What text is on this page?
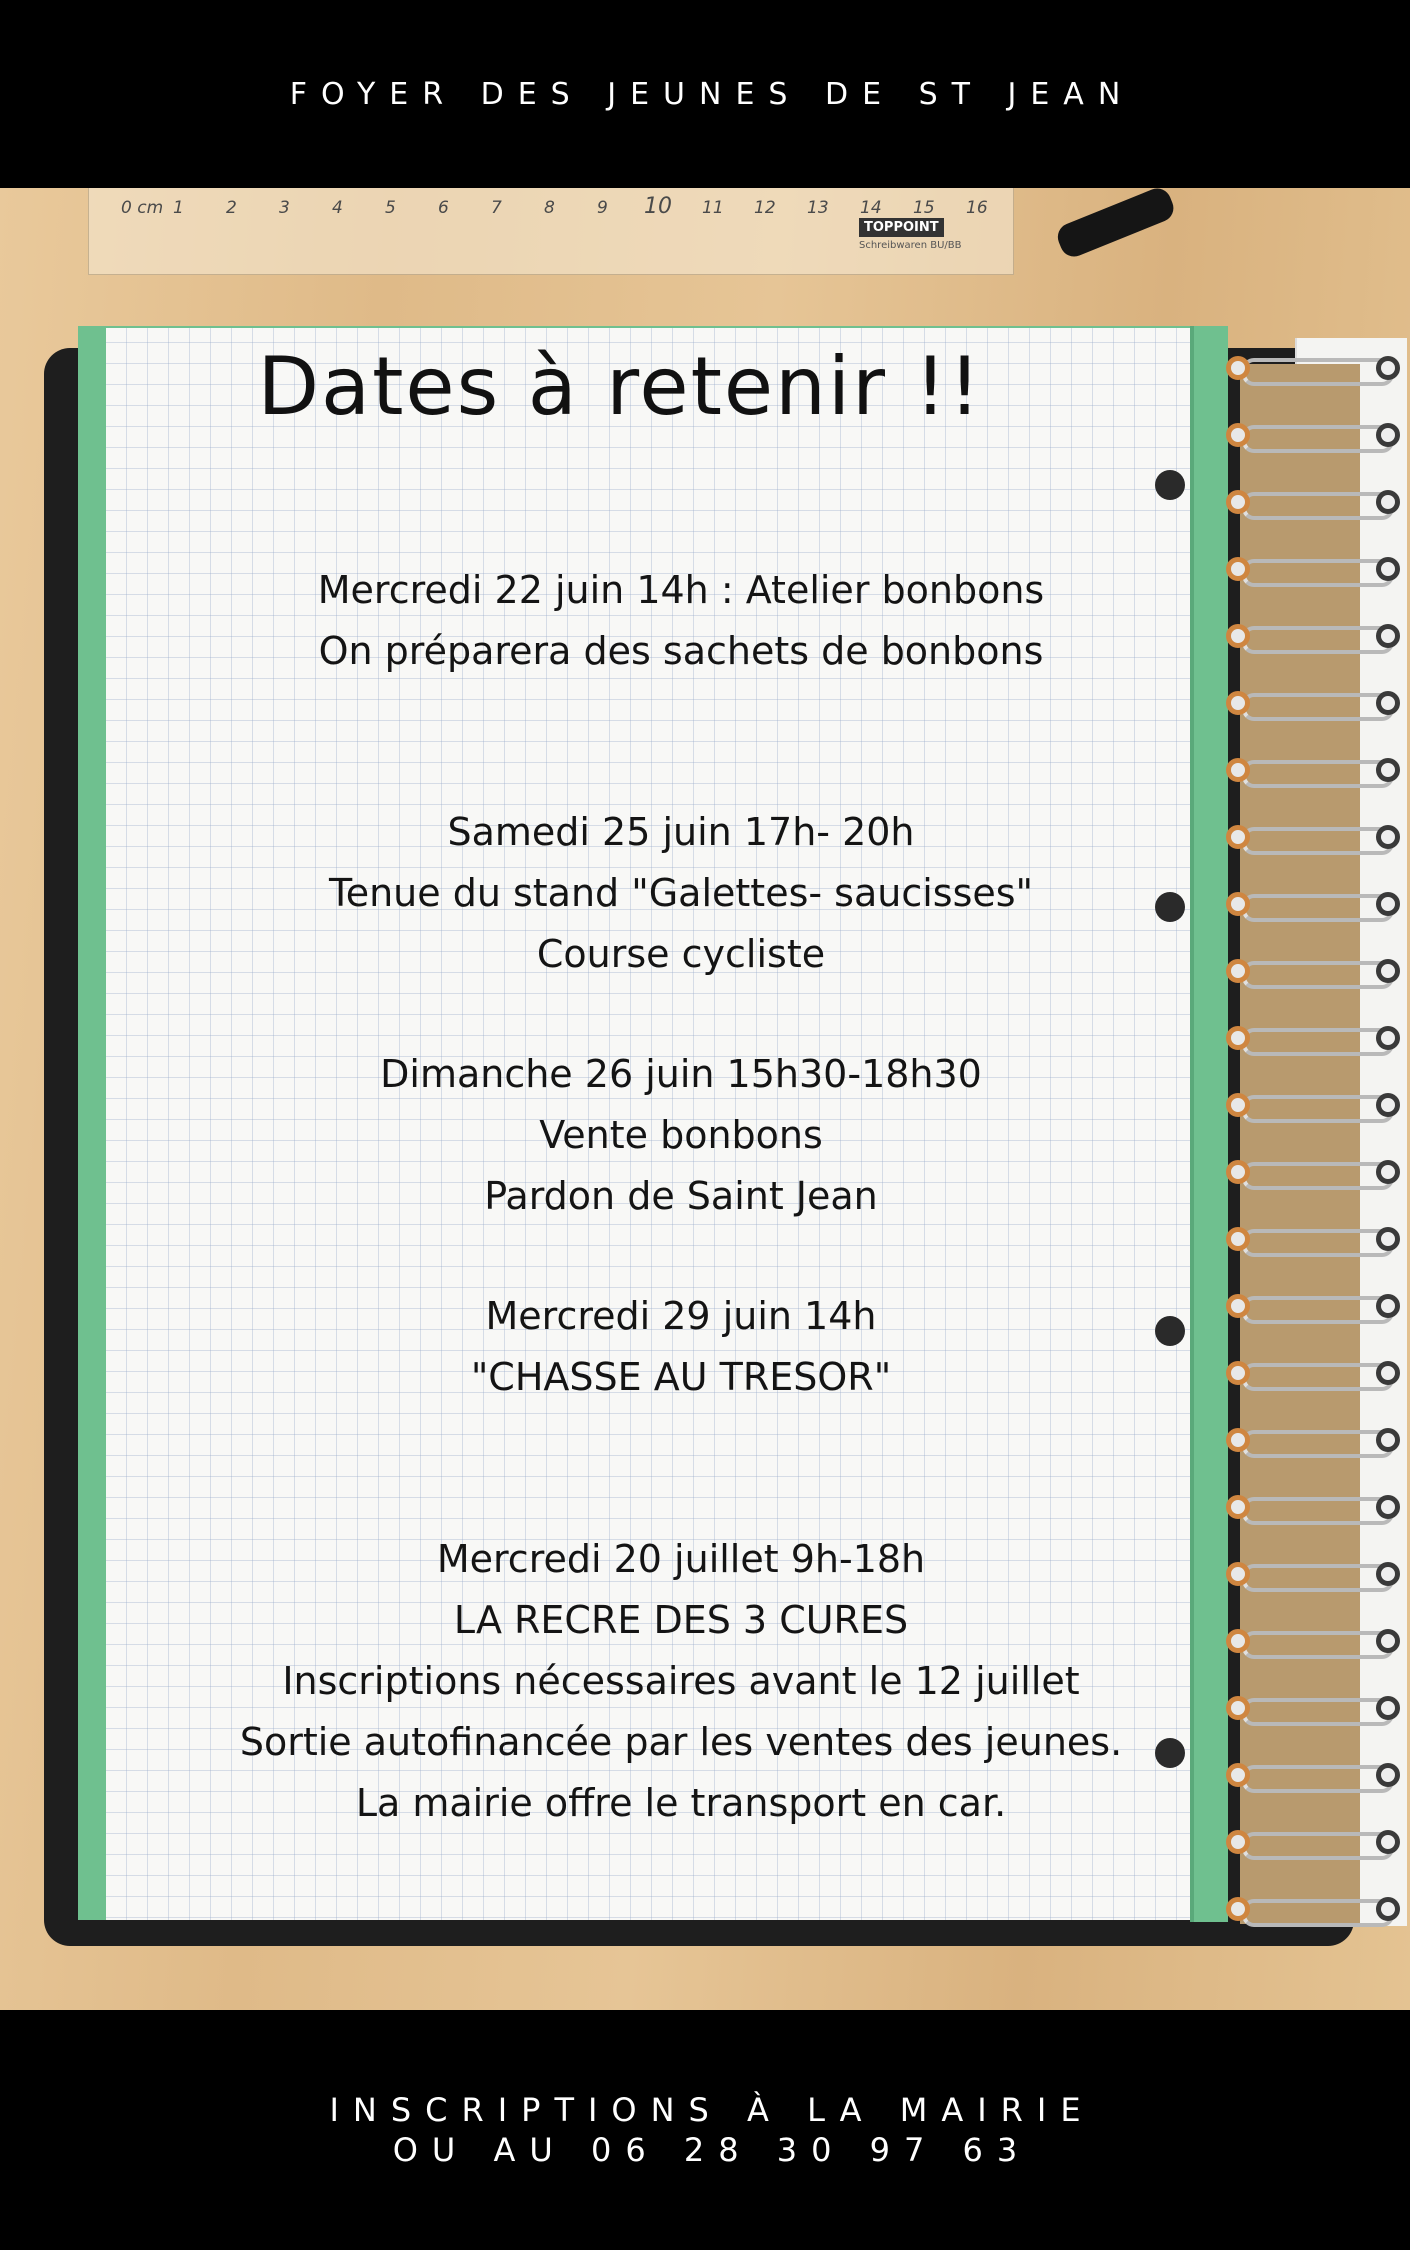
FOYER DES JEUNES DE ST JEAN
0 cm 1 2 3 4 5 6 7 8 9 10 11 12 13 14 15 16
TOPPOINT
Schreibwaren BU/BB
Dates à retenir !!
Mercredi 22 juin 14h : Atelier bonbons
On préparera des sachets de bonbons
Samedi 25 juin 17h- 20h
Tenue du stand "Galettes- saucisses"
Course cycliste
Dimanche 26 juin 15h30-18h30
Vente bonbons
Pardon de Saint Jean
Mercredi 29 juin 14h
"CHASSE AU TRESOR"
Mercredi 20 juillet 9h-18h
LA RECRE DES 3 CURES
Inscriptions nécessaires avant le 12 juillet
Sortie autofinancée par les ventes des jeunes.
La mairie offre le transport en car.
INSCRIPTIONS À LA MAIRIE
OU AU 06 28 30 97 63
